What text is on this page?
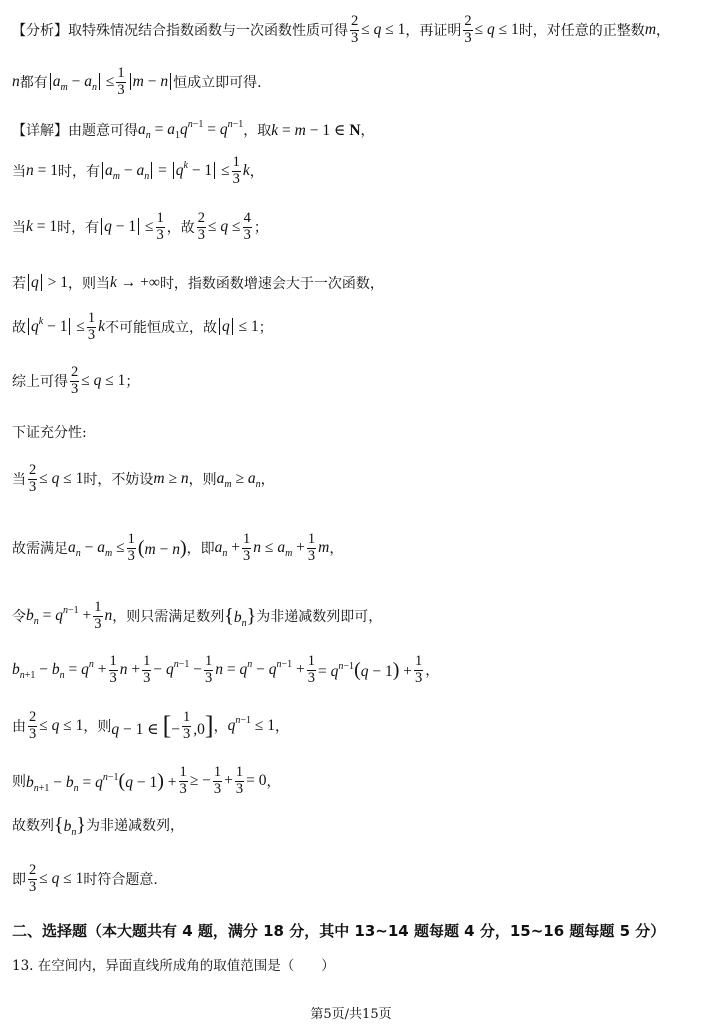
【分析】取特殊情况结合指数函数与一次函数性质可得 $\frac{2}{3} \le q \le 1$ ，再证明 $\frac{2}{3} \le q \le 1$ 时，对任意的正整数 m ，
n 都有 $a_m - a_n \le \frac{1}{3}$ m − n 恒成立即可得.
【详解】由题意可得 $a_n = a_1q^{n-1} = q^{n-1}$ ，取 k = m − 1 ∈ N ，
当 n = 1 时，有 $a_m - a_n = q^k - 1 \le \frac{1}{3}$ k ，
当 k = 1 时，有 $q - 1 \le \frac{1}{3}$ ，故 $\frac{2}{3} \le q \le \frac{4}{3}$ ；
若 q > 1 ，则当 k → +∞ 时，指数函数增速会大于一次函数，
故 $q^k - 1 \le \frac{1}{3}$ k 不可能恒成立，故 q ≤ 1 ；
综上可得 $\frac{2}{3} \le q \le 1$ ；
下证充分性:
当 $\frac{2}{3} \le q \le 1$ 时，不妨设 m ≥ n ，则 $a_m \ge a_n$ ，
故需满足 $a_n - a_m \le \frac{1}{3} (m - n)$ ，即 $a_n + \frac{1}{3}$ $n \le a_m + \frac{1}{3}$ m ，
令 $b_n = q^{n-1} + \frac{1}{3}$ n ，则只需满足数列 $\{b_n\}$ 为非递减数列即可，
$b_{n+1} - b_n = q^n + \frac{1}{3}$ $n + \frac{1}{3} - q^{n-1} - \frac{1}{3}$ $n = q^n - q^{n-1} + \frac{1}{3} = q^{n-1}(q - 1) + \frac{1}{3}$ ，
由 $\frac{2}{3} \le q \le 1$ ，则 q − 1 ∈ [− $\frac{1}{3} ,0$] ， $q^{n-1} \le 1$ ，
则 $b_{n+1} - b_n = q^{n-1}(q - 1) + \frac{1}{3}$ ≥ − $\frac{1}{3} + \frac{1}{3} = 0$ ，
故数列 $\{b_n\}$ 为非递减数列，
即 $\frac{2}{3} \le q \le 1$ 时符合题意.
二、选择题（本大题共有 4 题，满分 18 分，其中 13~14 题每题 4 分，15~16 题每题 5 分）
13. 在空间内，异面直线所成角的取值范围是（　　）
第5页/共15页
